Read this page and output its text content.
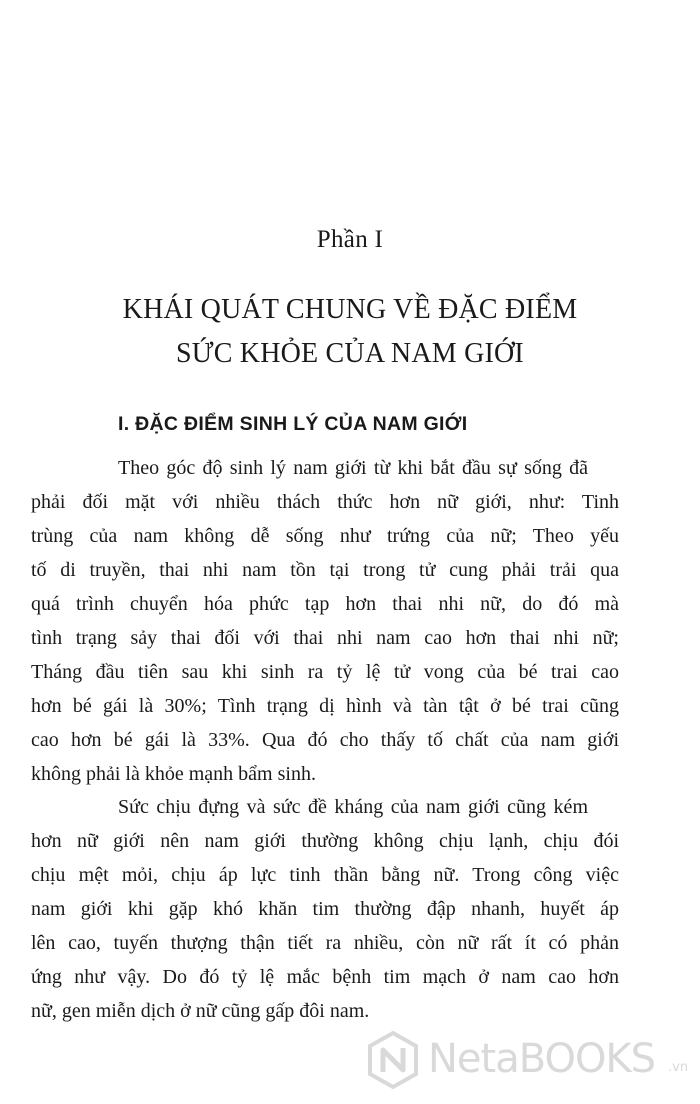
Phần I
KHÁI QUÁT CHUNG VỀ ĐẶC ĐIỂM
SỨC KHỎE CỦA NAM GIỚI
I. ĐẶC ĐIỂM SINH LÝ CỦA NAM GIỚI
Theo góc độ sinh lý nam giới từ khi bắt đầu sự sống đã
phải đối mặt với nhiều thách thức hơn nữ giới, như: Tinh
trùng của nam không dễ sống như trứng của nữ; Theo yếu
tố di truyền, thai nhi nam tồn tại trong tử cung phải trải qua
quá trình chuyển hóa phức tạp hơn thai nhi nữ, do đó mà
tình trạng sảy thai đối với thai nhi nam cao hơn thai nhi nữ;
Tháng đầu tiên sau khi sinh ra tỷ lệ tử vong của bé trai cao
hơn bé gái là 30%; Tình trạng dị hình và tàn tật ở bé trai cũng
cao hơn bé gái là 33%. Qua đó cho thấy tố chất của nam giới
không phải là khỏe mạnh bẩm sinh.
Sức chịu đựng và sức đề kháng của nam giới cũng kém
hơn nữ giới nên nam giới thường không chịu lạnh, chịu đói
chịu mệt mỏi, chịu áp lực tinh thần bằng nữ. Trong công việc
nam giới khi gặp khó khăn tim thường đập nhanh, huyết áp
lên cao, tuyến thượng thận tiết ra nhiều, còn nữ rất ít có phản
ứng như vậy. Do đó tỷ lệ mắc bệnh tim mạch ở nam cao hơn
nữ, gen miễn dịch ở nữ cũng gấp đôi nam.
NetaBOOKS .vn
